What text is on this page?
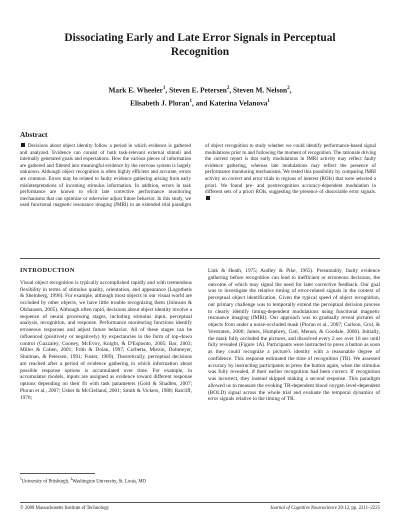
Dissociating Early and Late Error Signals in Perceptual Recognition
Mark E. Wheeler$^1$, Steven E. Petersen$^2$, Steven M. Nelson$^2$,
Elisabeth J. Ploran$^1$, and Katerina Velanova$^1$
Abstract
Decisions about object identity follow a period in which evidence is gathered and analyzed. Evidence can consist of both task-relevant external stimuli and internally generated goals and expectations. How the various pieces of information are gathered and filtered into meaningful evidence by the nervous system is largely unknown. Although object recognition is often highly efficient and accurate, errors are common. Errors may be related to faulty evidence gathering arising from early misinterpretations of incoming stimulus information. In addition, errors in task performance are known to elicit late corrective performance monitoring mechanisms that can optimize or otherwise adjust future behavior. In this study, we used functional magnetic resonance imaging (fMRI) in an extended trial paradigm of object recognition to study whether we could identify performance-based signal modulations prior to and following the moment of recognition. The rationale driving the current report is that early modulations in fMRI activity may reflect faulty evidence gathering, whereas late modulations may reflect the presence of performance monitoring mechanisms. We tested this possibility by comparing fMRI activity on correct and error trials in regions of interest (ROIs) that were selected a priori. We found pre- and postrecognition accuracy-dependent modulation in different sets of a priori ROIs, suggesting the presence of dissociable error signals.
INTRODUCTION

Visual object recognition is typically accomplished rapidly and with tremendous flexibility in terms of stimulus quality, orientation, and appearance (Logothetis & Sheinberg, 1996). For example, although most objects in our visual world are occluded by other objects, we have little trouble recognizing them (Johnson & Olshausen, 2005). Although often rapid, decisions about object identity involve a sequence of neural processing stages, including stimulus input, perceptual analysis, recognition, and response. Performance monitoring functions identify erroneous responses and adjust future behavior. All of these stages can be influenced (positively or negatively) by expectancies in the form of top-down control (Gazzaley, Cooney, McEvoy, Knight, & D'Esposito, 2005; Bar, 2003; Miller & Cohen, 2001; Frith & Dolan, 1997; Corbetta, Miezin, Dobmeyer, Shulman, & Petersen, 1991; Fuster, 1989). Theoretically, perceptual decisions are reached after a period of evidence gathering in which information about possible response options is accumulated over time. For example, in accumulator models, inputs are assigned as evidence toward different response options depending on their fit with task parameters (Gold & Shadlen, 2007; Ploran et al., 2007; Usher & McClelland, 2001; Smith & Vickers, 1988; Ratcliff, 1978;

Link & Heath, 1975; Audley & Pike, 1965). Presumably, faulty evidence gathering before recognition can lead to inefficient or erroneous decisions, the outcome of which may signal the need for later corrective feedback. Our goal was to investigate the relative timing of error-related signals in the context of perceptual object identification. Given the typical speed of object recognition, our primary challenge was to temporally extend the perceptual decision process to clearly identify timing-dependent modulations using functional magnetic resonance imaging (fMRI). Our approach was to gradually reveal pictures of objects from under a noise-occluded mask (Ploran et al., 2007; Carlson, Grol, & Verstraten, 2006; James, Humphrey, Gati, Menon, & Goodale, 2000). Initially, the mask fully occluded the pictures, and dissolved every 2 sec over 16 sec until fully revealed (Figure 1A). Participants were instructed to press a button as soon as they could recognize a picture's identity with a reasonable degree of confidence. This response estimated the time of recognition (TR). We assessed accuracy by instructing participants to press the button again, when the stimulus was fully revealed, if their earlier recognition had been correct. If recognition was incorrect, they instead skipped making a second response. This paradigm allowed us to measure the evoking TR-dependent blood oxygen level-dependent (BOLD) signal across the whole trial and evaluate the temporal dynamics of error signals relative to the timing of TR.

$^1$University of Pittsburgh, $^2$Washington University, St. Louis, MO
© 2008 Massachusetts Institute of Technology	Journal of Cognitive Neuroscience 20:12, pp. 2211–2225
